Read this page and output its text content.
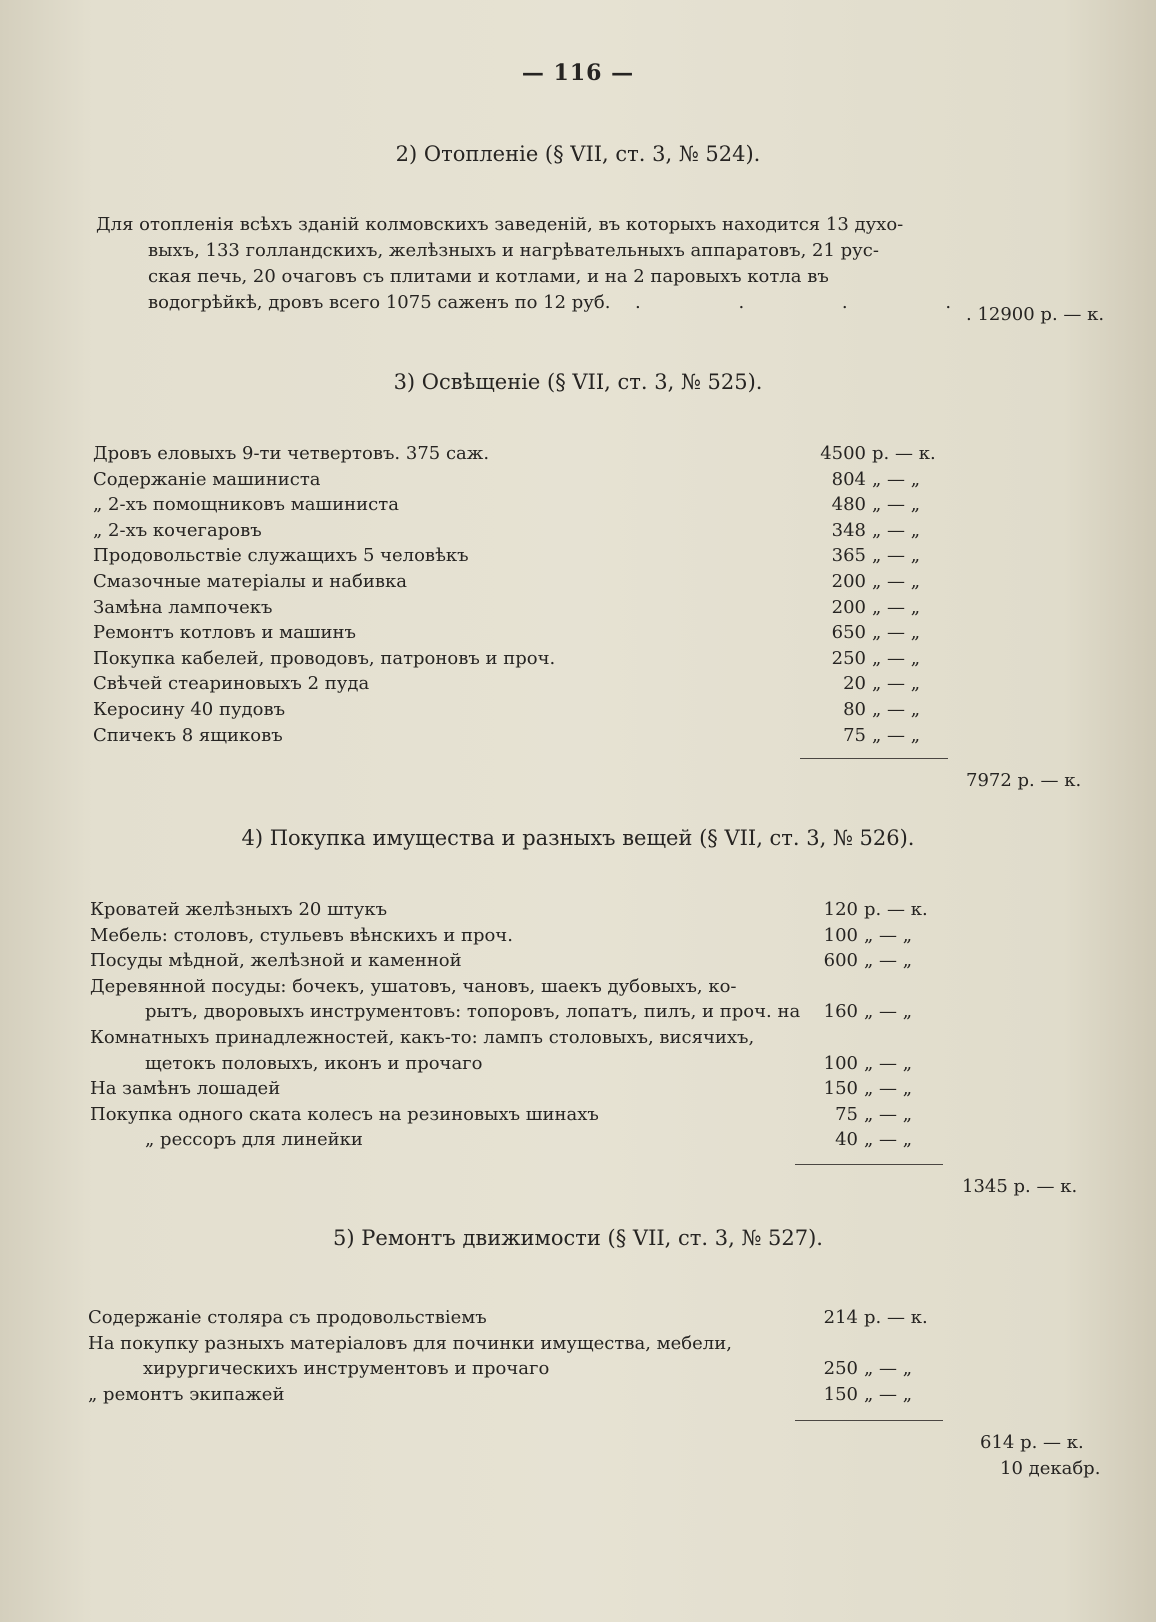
— 116 —
2) Отопленіе (§ VII, ст. 3, № 524).
Для отопленія всѣхъ зданій колмовскихъ заведеній, въ которыхъ находится 13 духо-
выхъ, 133 голландскихъ, желѣзныхъ и нагрѣвательныхъ аппаратовъ, 21 рус-
ская печь, 20 очаговъ съ плитами и котлами, и на 2 паровыхъ котла въ
водогрѣйкѣ, дровъ всего 1075 саженъ по 12 руб. . . . .
. 12900 р. — к.
3) Освѣщеніе (§ VII, ст. 3, № 525).
Дровъ еловыхъ 9-ти четвертовъ. 375 саж.	4500 р. — к.
Содержаніе машиниста	804 „ — „
„ 2-хъ помощниковъ машиниста	480 „ — „
„ 2-хъ кочегаровъ	348 „ — „
Продовольствіе служащихъ 5 человѣкъ	365 „ — „
Смазочные матеріалы и набивка	200 „ — „
Замѣна лампочекъ	200 „ — „
Ремонтъ котловъ и машинъ	650 „ — „
Покупка кабелей, проводовъ, патроновъ и проч.	250 „ — „
Свѣчей стеариновыхъ 2 пуда	20 „ — „
Керосину 40 пудовъ	80 „ — „
Спичекъ 8 ящиковъ	75 „ — „
7972 р. — к.
4) Покупка имущества и разныхъ вещей (§ VII, ст. 3, № 526).
Кроватей желѣзныхъ 20 штукъ	120 р. — к.
Мебель: столовъ, стульевъ вѣнскихъ и проч.	100 „ — „
Посуды мѣдной, желѣзной и каменной	600 „ — „
Деревянной посуды: бочекъ, ушатовъ, чановъ, шаекъ дубовыхъ, ко-
рытъ, дворовыхъ инструментовъ: топоровъ, лопатъ, пилъ, и проч. на	160 „ — „
Комнатныхъ принадлежностей, какъ-то: лампъ столовыхъ, висячихъ,
щетокъ половыхъ, иконъ и прочаго	100 „ — „
На замѣнъ лошадей	150 „ — „
Покупка одного ската колесъ на резиновыхъ шинахъ	75 „ — „
„ рессоръ для линейки	40 „ — „
1345 р. — к.
5) Ремонтъ движимости (§ VII, ст. 3, № 527).
Содержаніе столяра съ продовольствіемъ	214 р. — к.
На покупку разныхъ матеріаловъ для починки имущества, мебели,
хирургическихъ инструментовъ и прочаго	250 „ — „
„ ремонтъ экипажей	150 „ — „
614 р. — к.
10 декабр.
